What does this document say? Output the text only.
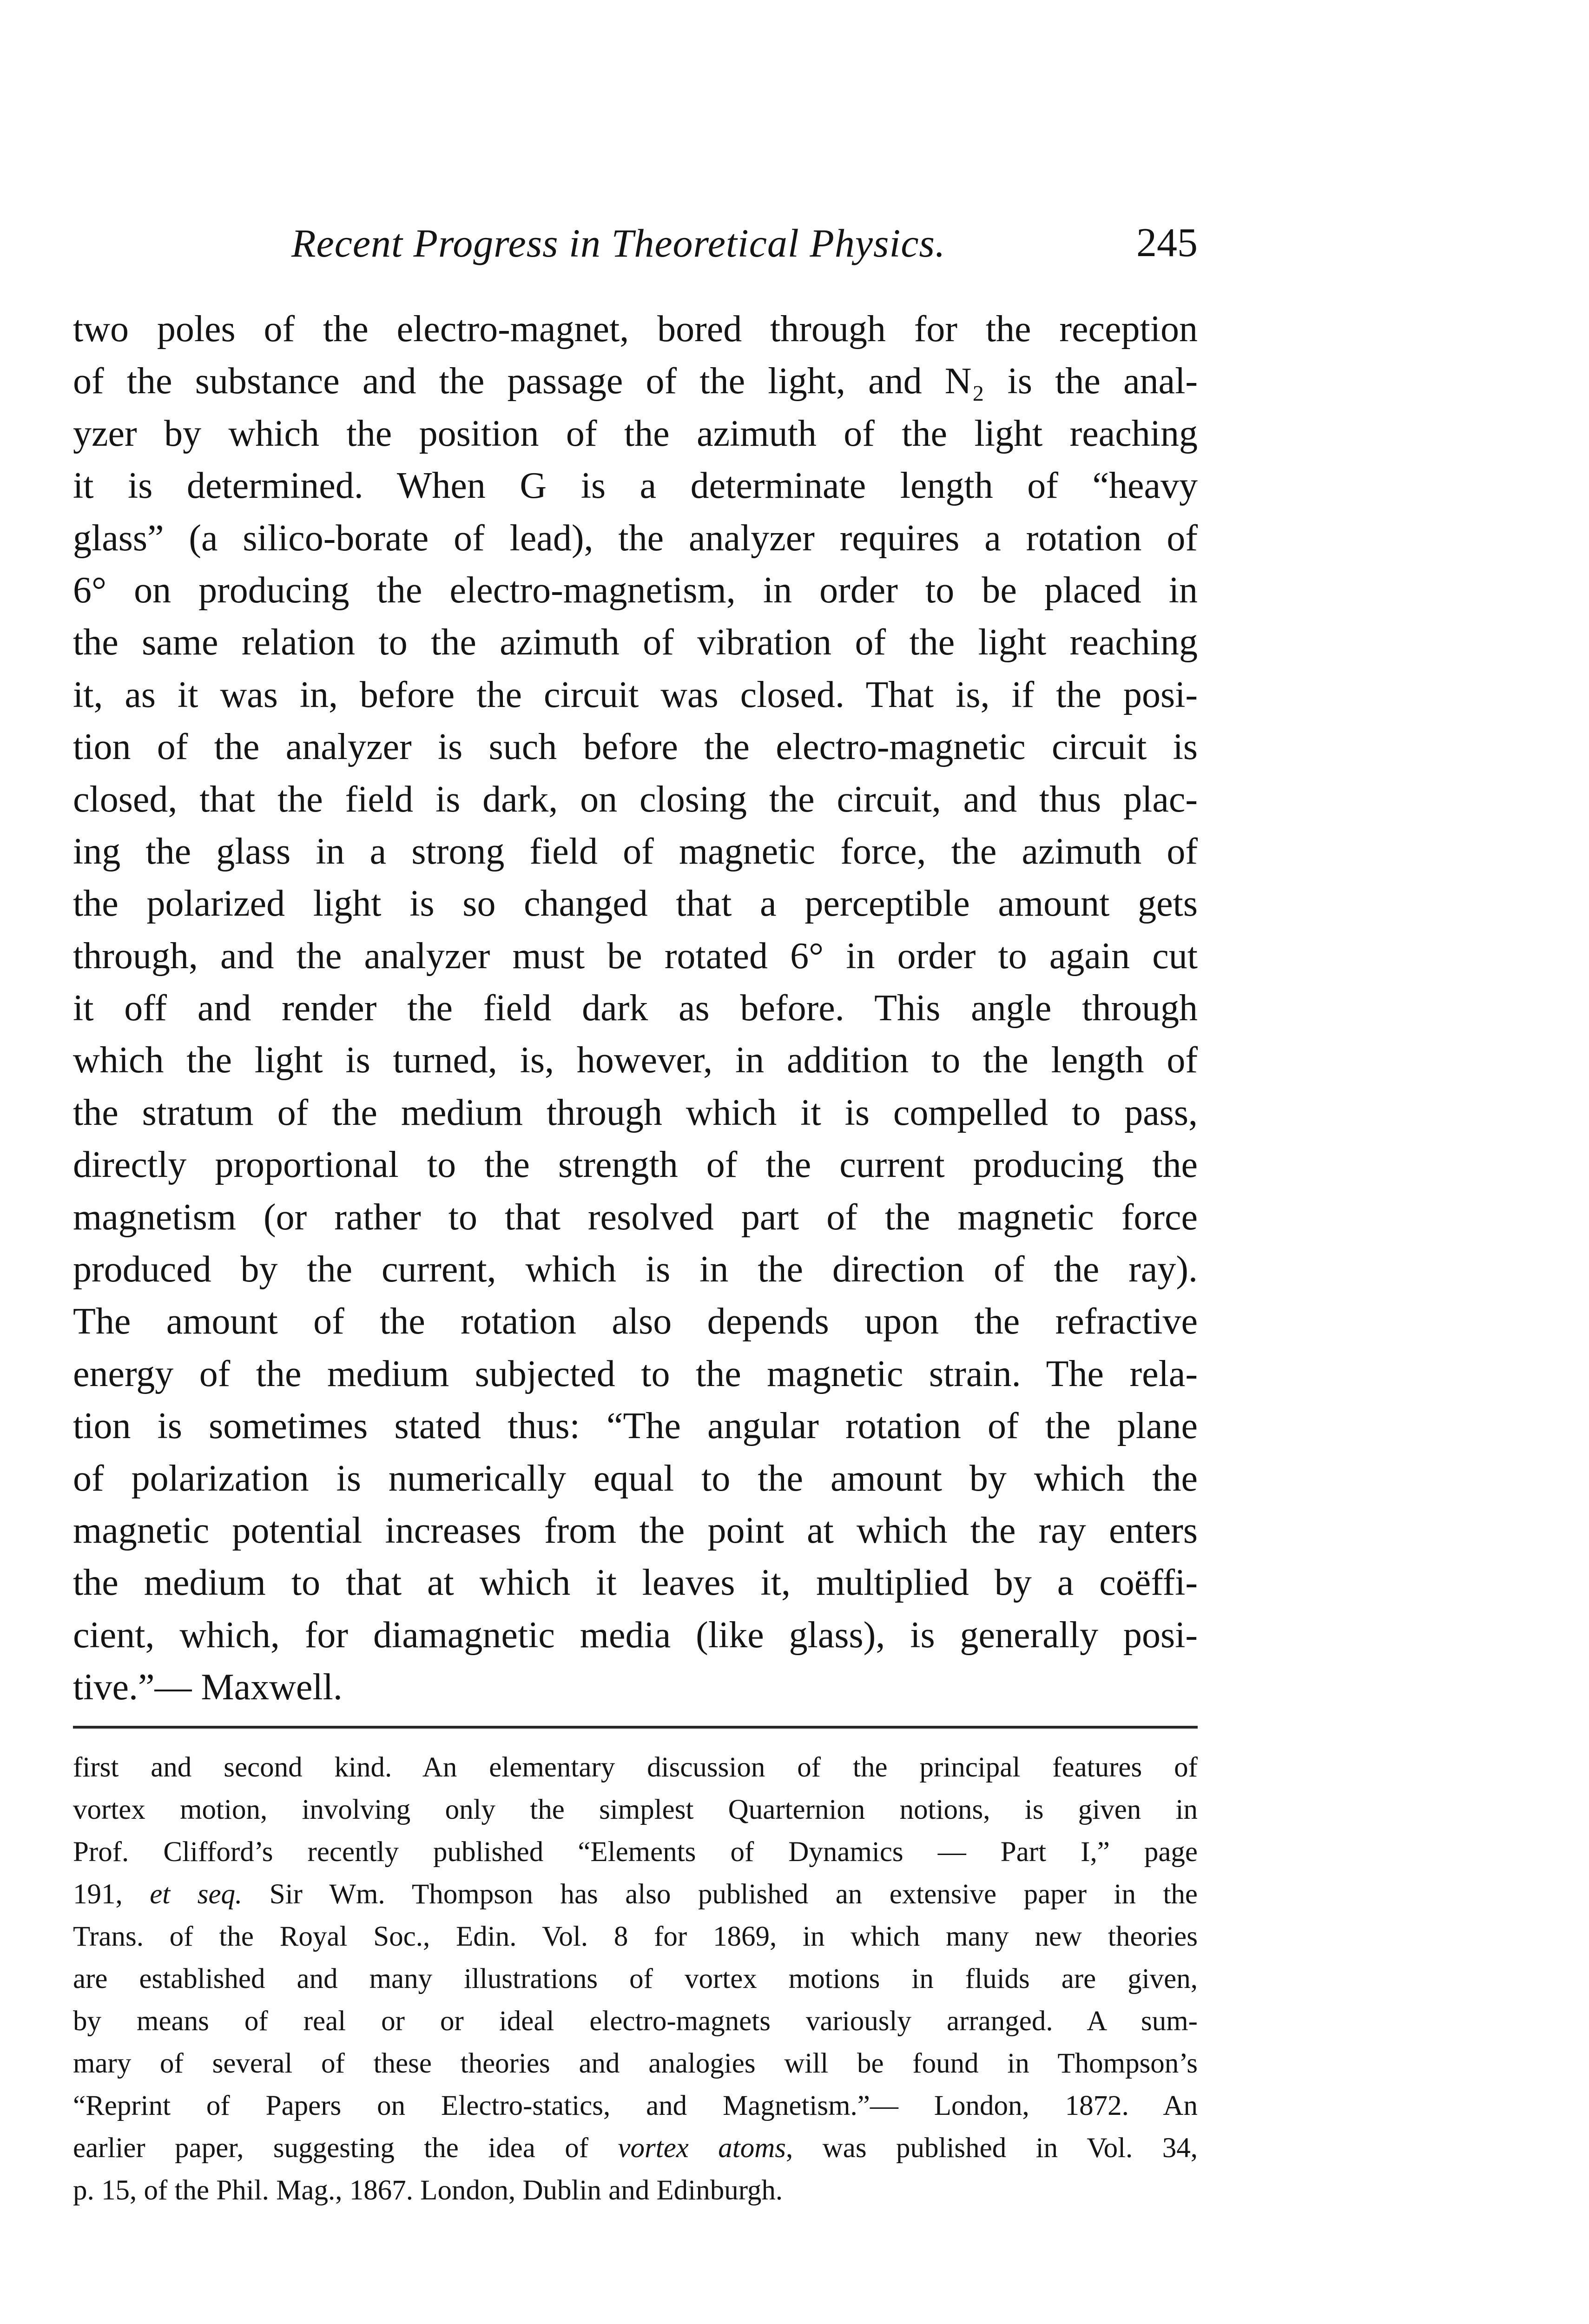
Recent Progress in Theoretical Physics.	245
two poles of the electro-magnet, bored through for the reception
of the substance and the passage of the light, and N₂ is the anal-
yzer by which the position of the azimuth of the light reaching
it is determined. When G is a determinate length of “heavy
glass” (a silico-borate of lead), the analyzer requires a rotation of
6° on producing the electro-magnetism, in order to be placed in
the same relation to the azimuth of vibration of the light reaching
it, as it was in, before the circuit was closed. That is, if the posi-
tion of the analyzer is such before the electro-magnetic circuit is
closed, that the field is dark, on closing the circuit, and thus plac-
ing the glass in a strong field of magnetic force, the azimuth of
the polarized light is so changed that a perceptible amount gets
through, and the analyzer must be rotated 6° in order to again cut
it off and render the field dark as before. This angle through
which the light is turned, is, however, in addition to the length of
the stratum of the medium through which it is compelled to pass,
directly proportional to the strength of the current producing the
magnetism (or rather to that resolved part of the magnetic force
produced by the current, which is in the direction of the ray).
The amount of the rotation also depends upon the refractive
energy of the medium subjected to the magnetic strain. The rela-
tion is sometimes stated thus: “The angular rotation of the plane
of polarization is numerically equal to the amount by which the
magnetic potential increases from the point at which the ray enters
the medium to that at which it leaves it, multiplied by a coëffi-
cient, which, for diamagnetic media (like glass), is generally posi-
tive.”— Maxwell.
first and second kind. An elementary discussion of the principal features of
vortex motion, involving only the simplest Quarternion notions, is given in
Prof. Clifford’s recently published “Elements of Dynamics — Part I,” page
191, et seq. Sir Wm. Thompson has also published an extensive paper in the
Trans. of the Royal Soc., Edin. Vol. 8 for 1869, in which many new theories
are established and many illustrations of vortex motions in fluids are given,
by means of real or or ideal electro-magnets variously arranged. A sum-
mary of several of these theories and analogies will be found in Thompson’s
“Reprint of Papers on Electro-statics, and Magnetism.”— London, 1872. An
earlier paper, suggesting the idea of vortex atoms, was published in Vol. 34,
p. 15, of the Phil. Mag., 1867. London, Dublin and Edinburgh.
